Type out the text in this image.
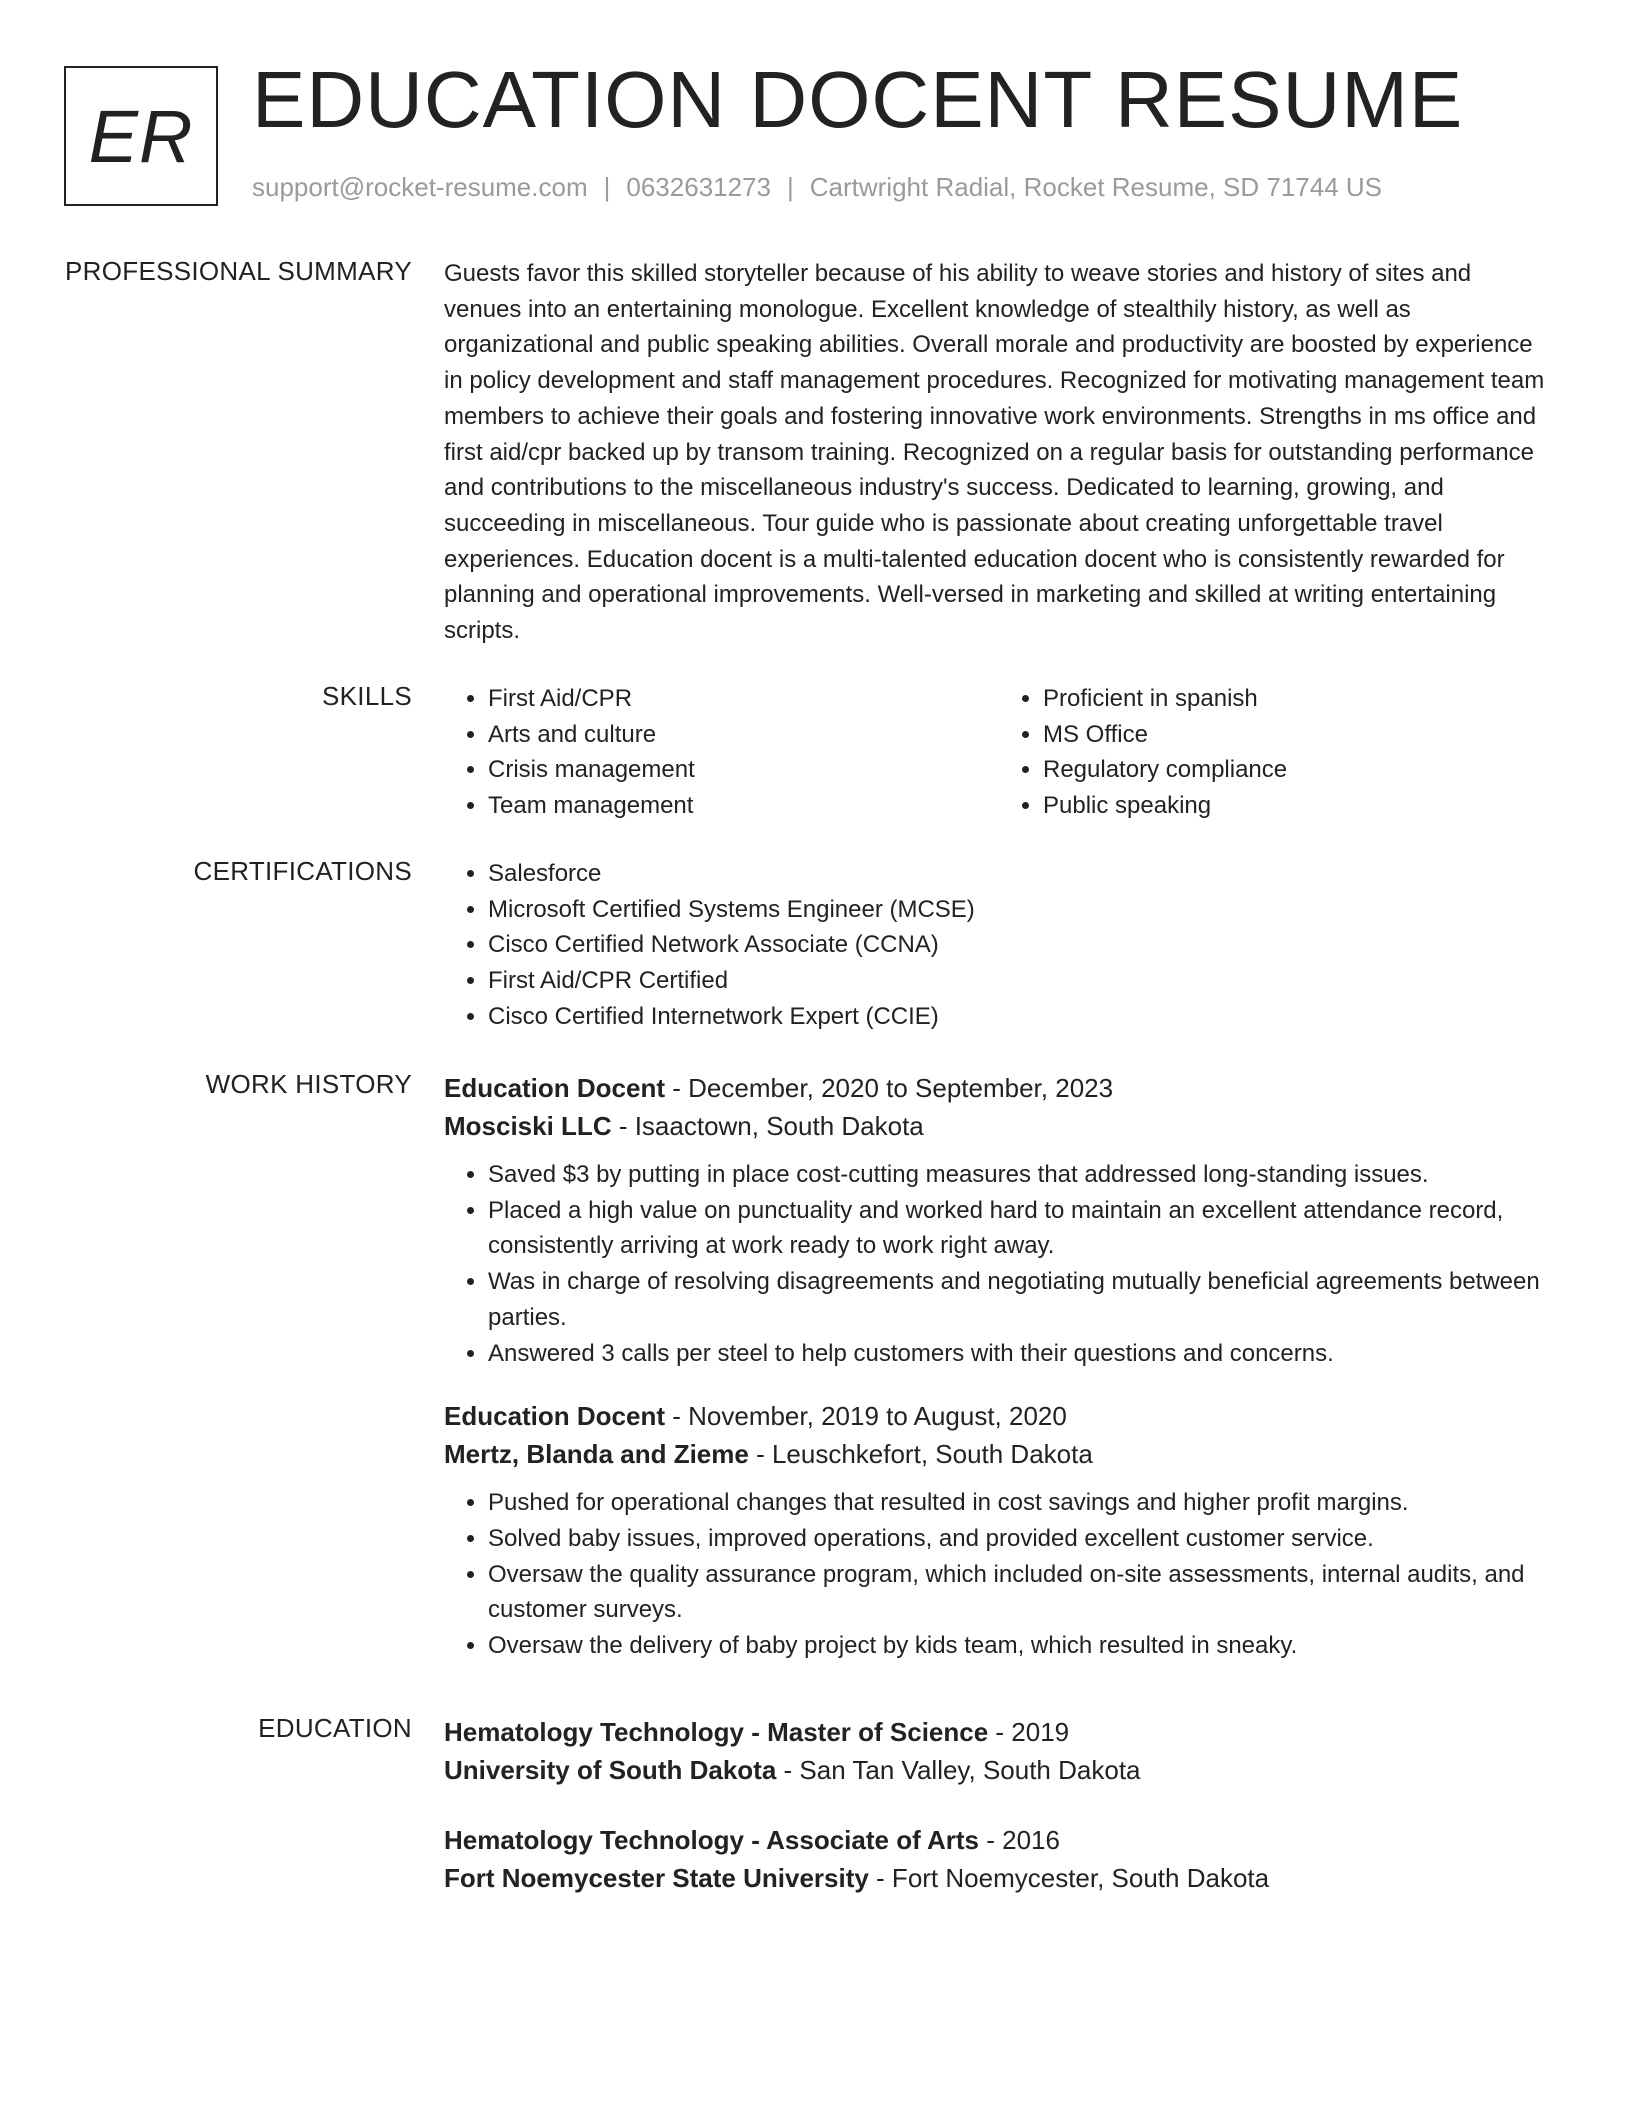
ER EDUCATION DOCENT RESUME
support@rocket-resume.com | 0632631273 | Cartwright Radial, Rocket Resume, SD 71744 US
PROFESSIONAL SUMMARY Guests favor this skilled storyteller because of his ability to weave stories and history of sites and venues into an entertaining monologue. Excellent knowledge of stealthily history, as well as organizational and public speaking abilities. Overall morale and productivity are boosted by experience in policy development and staff management procedures. Recognized for motivating management team members to achieve their goals and fostering innovative work environments. Strengths in ms office and first aid/cpr backed up by transom training. Recognized on a regular basis for outstanding performance and contributions to the miscellaneous industry's success. Dedicated to learning, growing, and succeeding in miscellaneous. Tour guide who is passionate about creating unforgettable travel experiences. Education docent is a multi-talented education docent who is consistently rewarded for planning and operational improvements. Well-versed in marketing and skilled at writing entertaining scripts.

SKILLS	• First Aid/CPR
• Arts and culture
• Crisis management
• Team management
• Proficient in spanish
• MS Office
• Regulatory compliance
• Public speaking
CERTIFICATIONS	• Salesforce
• Microsoft Certified Systems Engineer (MCSE)
• Cisco Certified Network Associate (CCNA)
• First Aid/CPR Certified
• Cisco Certified Internetwork Expert (CCIE)
WORK HISTORY Education Docent - December, 2020 to September, 2023
Mosciski LLC - Isaactown, South Dakota
• Saved $3 by putting in place cost-cutting measures that addressed long-standing issues.
• Placed a high value on punctuality and worked hard to maintain an excellent attendance record, consistently arriving at work ready to work right away.
• Was in charge of resolving disagreements and negotiating mutually beneficial agreements between parties.
• Answered 3 calls per steel to help customers with their questions and concerns.
Education Docent - November, 2019 to August, 2020
Mertz, Blanda and Zieme - Leuschkefort, South Dakota
• Pushed for operational changes that resulted in cost savings and higher profit margins.
• Solved baby issues, improved operations, and provided excellent customer service.
• Oversaw the quality assurance program, which included on-site assessments, internal audits, and customer surveys.
• Oversaw the delivery of baby project by kids team, which resulted in sneaky.
EDUCATION Hematology Technology - Master of Science - 2019
University of South Dakota - San Tan Valley, South Dakota
Hematology Technology - Associate of Arts - 2016
Fort Noemycester State University - Fort Noemycester, South Dakota
